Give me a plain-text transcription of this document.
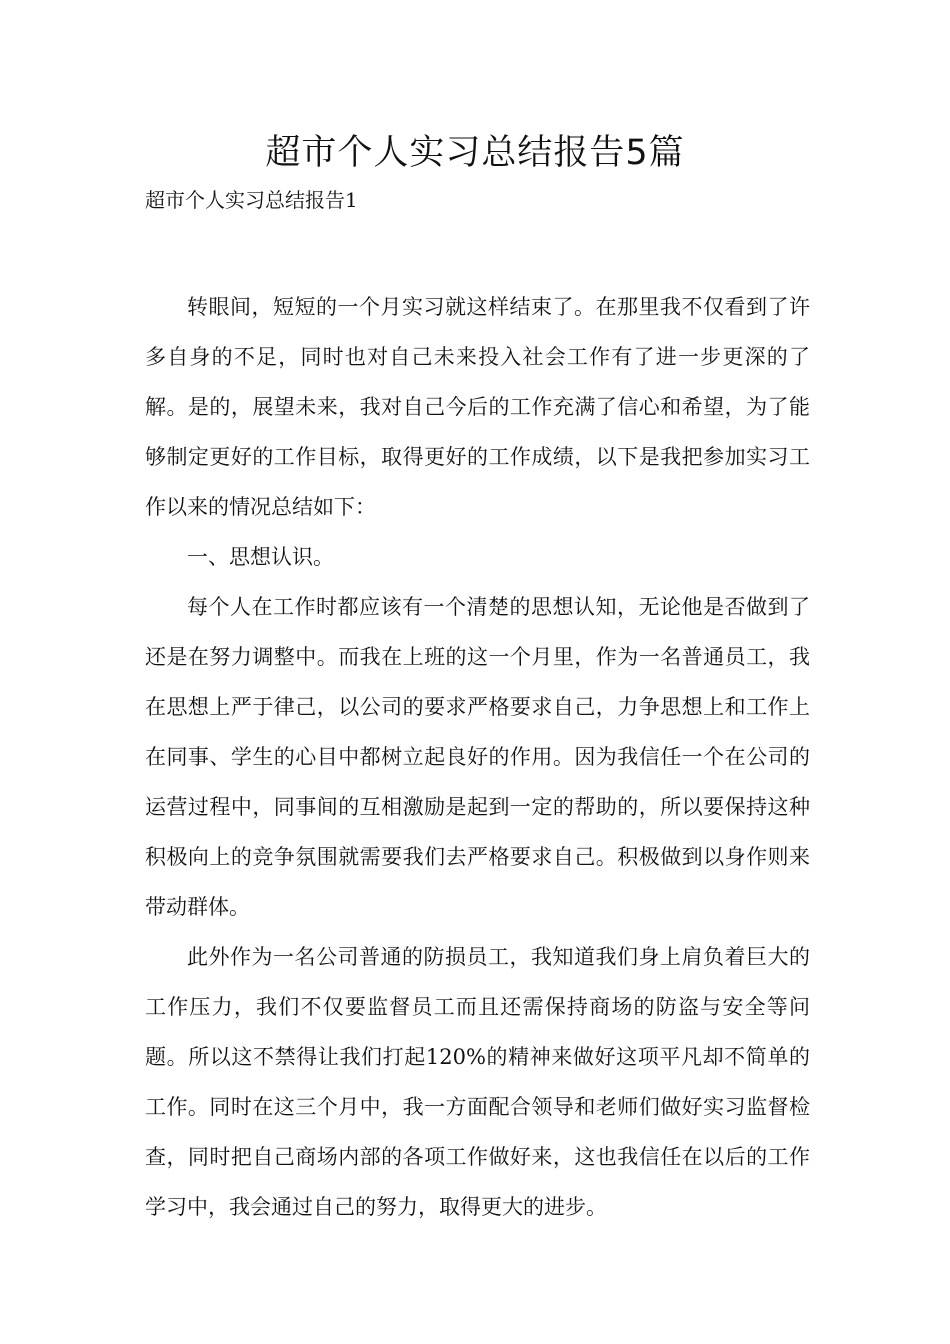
超市个人实习总结报告5篇
超市个人实习总结报告1

转眼间，短短的一个月实习就这样结束了。在那里我不仅看到了许多自身的不足，同时也对自己未来投入社会工作有了进一步更深的了解。是的，展望未来，我对自己今后的工作充满了信心和希望，为了能够制定更好的工作目标，取得更好的工作成绩，以下是我把参加实习工作以来的情况总结如下：

一、思想认识。

每个人在工作时都应该有一个清楚的思想认知，无论他是否做到了还是在努力调整中。而我在上班的这一个月里，作为一名普通员工，我在思想上严于律己，以公司的要求严格要求自己，力争思想上和工作上在同事、学生的心目中都树立起良好的作用。因为我信任一个在公司的运营过程中，同事间的互相激励是起到一定的帮助的，所以要保持这种积极向上的竞争氛围就需要我们去严格要求自己。积极做到以身作则来带动群体。

此外作为一名公司普通的防损员工，我知道我们身上肩负着巨大的工作压力，我们不仅要监督员工而且还需保持商场的防盗与安全等问题。所以这不禁得让我们打起120%的精神来做好这项平凡却不简单的工作。同时在这三个月中，我一方面配合领导和老师们做好实习监督检查，同时把自己商场内部的各项工作做好来，这也我信任在以后的工作学习中，我会通过自己的努力，取得更大的进步。
